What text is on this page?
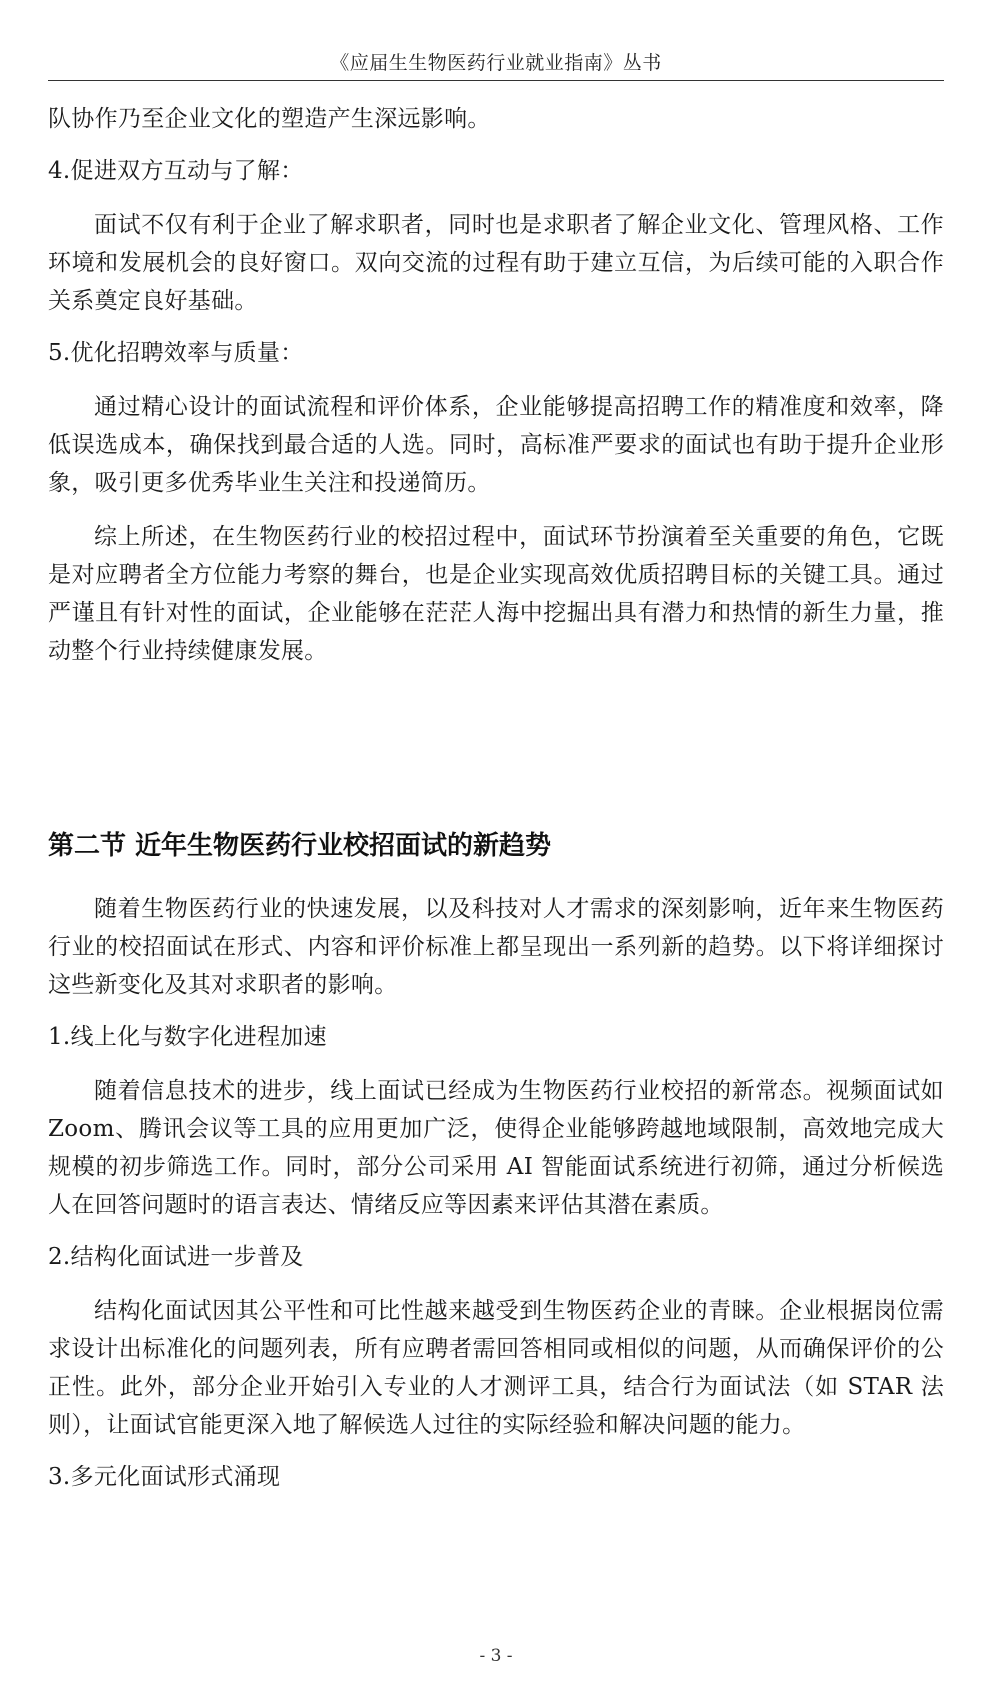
《应届生生物医药行业就业指南》丛书

队协作乃至企业文化的塑造产生深远影响。

4.促进双方互动与了解：

面试不仅有利于企业了解求职者，同时也是求职者了解企业文化、管理风格、工作环境和发展机会的良好窗口。双向交流的过程有助于建立互信，为后续可能的入职合作关系奠定良好基础。

5.优化招聘效率与质量：

通过精心设计的面试流程和评价体系，企业能够提高招聘工作的精准度和效率，降低误选成本，确保找到最合适的人选。同时，高标准严要求的面试也有助于提升企业形象，吸引更多优秀毕业生关注和投递简历。

综上所述，在生物医药行业的校招过程中，面试环节扮演着至关重要的角色，它既是对应聘者全方位能力考察的舞台，也是企业实现高效优质招聘目标的关键工具。通过严谨且有针对性的面试，企业能够在茫茫人海中挖掘出具有潜力和热情的新生力量，推动整个行业持续健康发展。

第二节 近年生物医药行业校招面试的新趋势

随着生物医药行业的快速发展，以及科技对人才需求的深刻影响，近年来生物医药行业的校招面试在形式、内容和评价标准上都呈现出一系列新的趋势。以下将详细探讨这些新变化及其对求职者的影响。

1.线上化与数字化进程加速

随着信息技术的进步，线上面试已经成为生物医药行业校招的新常态。视频面试如 Zoom、腾讯会议等工具的应用更加广泛，使得企业能够跨越地域限制，高效地完成大规模的初步筛选工作。同时，部分公司采用 AI 智能面试系统进行初筛，通过分析候选人在回答问题时的语言表达、情绪反应等因素来评估其潜在素质。

2.结构化面试进一步普及

结构化面试因其公平性和可比性越来越受到生物医药企业的青睐。企业根据岗位需求设计出标准化的问题列表，所有应聘者需回答相同或相似的问题，从而确保评价的公正性。此外，部分企业开始引入专业的人才测评工具，结合行为面试法（如 STAR 法则），让面试官能更深入地了解候选人过往的实际经验和解决问题的能力。

3.多元化面试形式涌现

- 3 -
